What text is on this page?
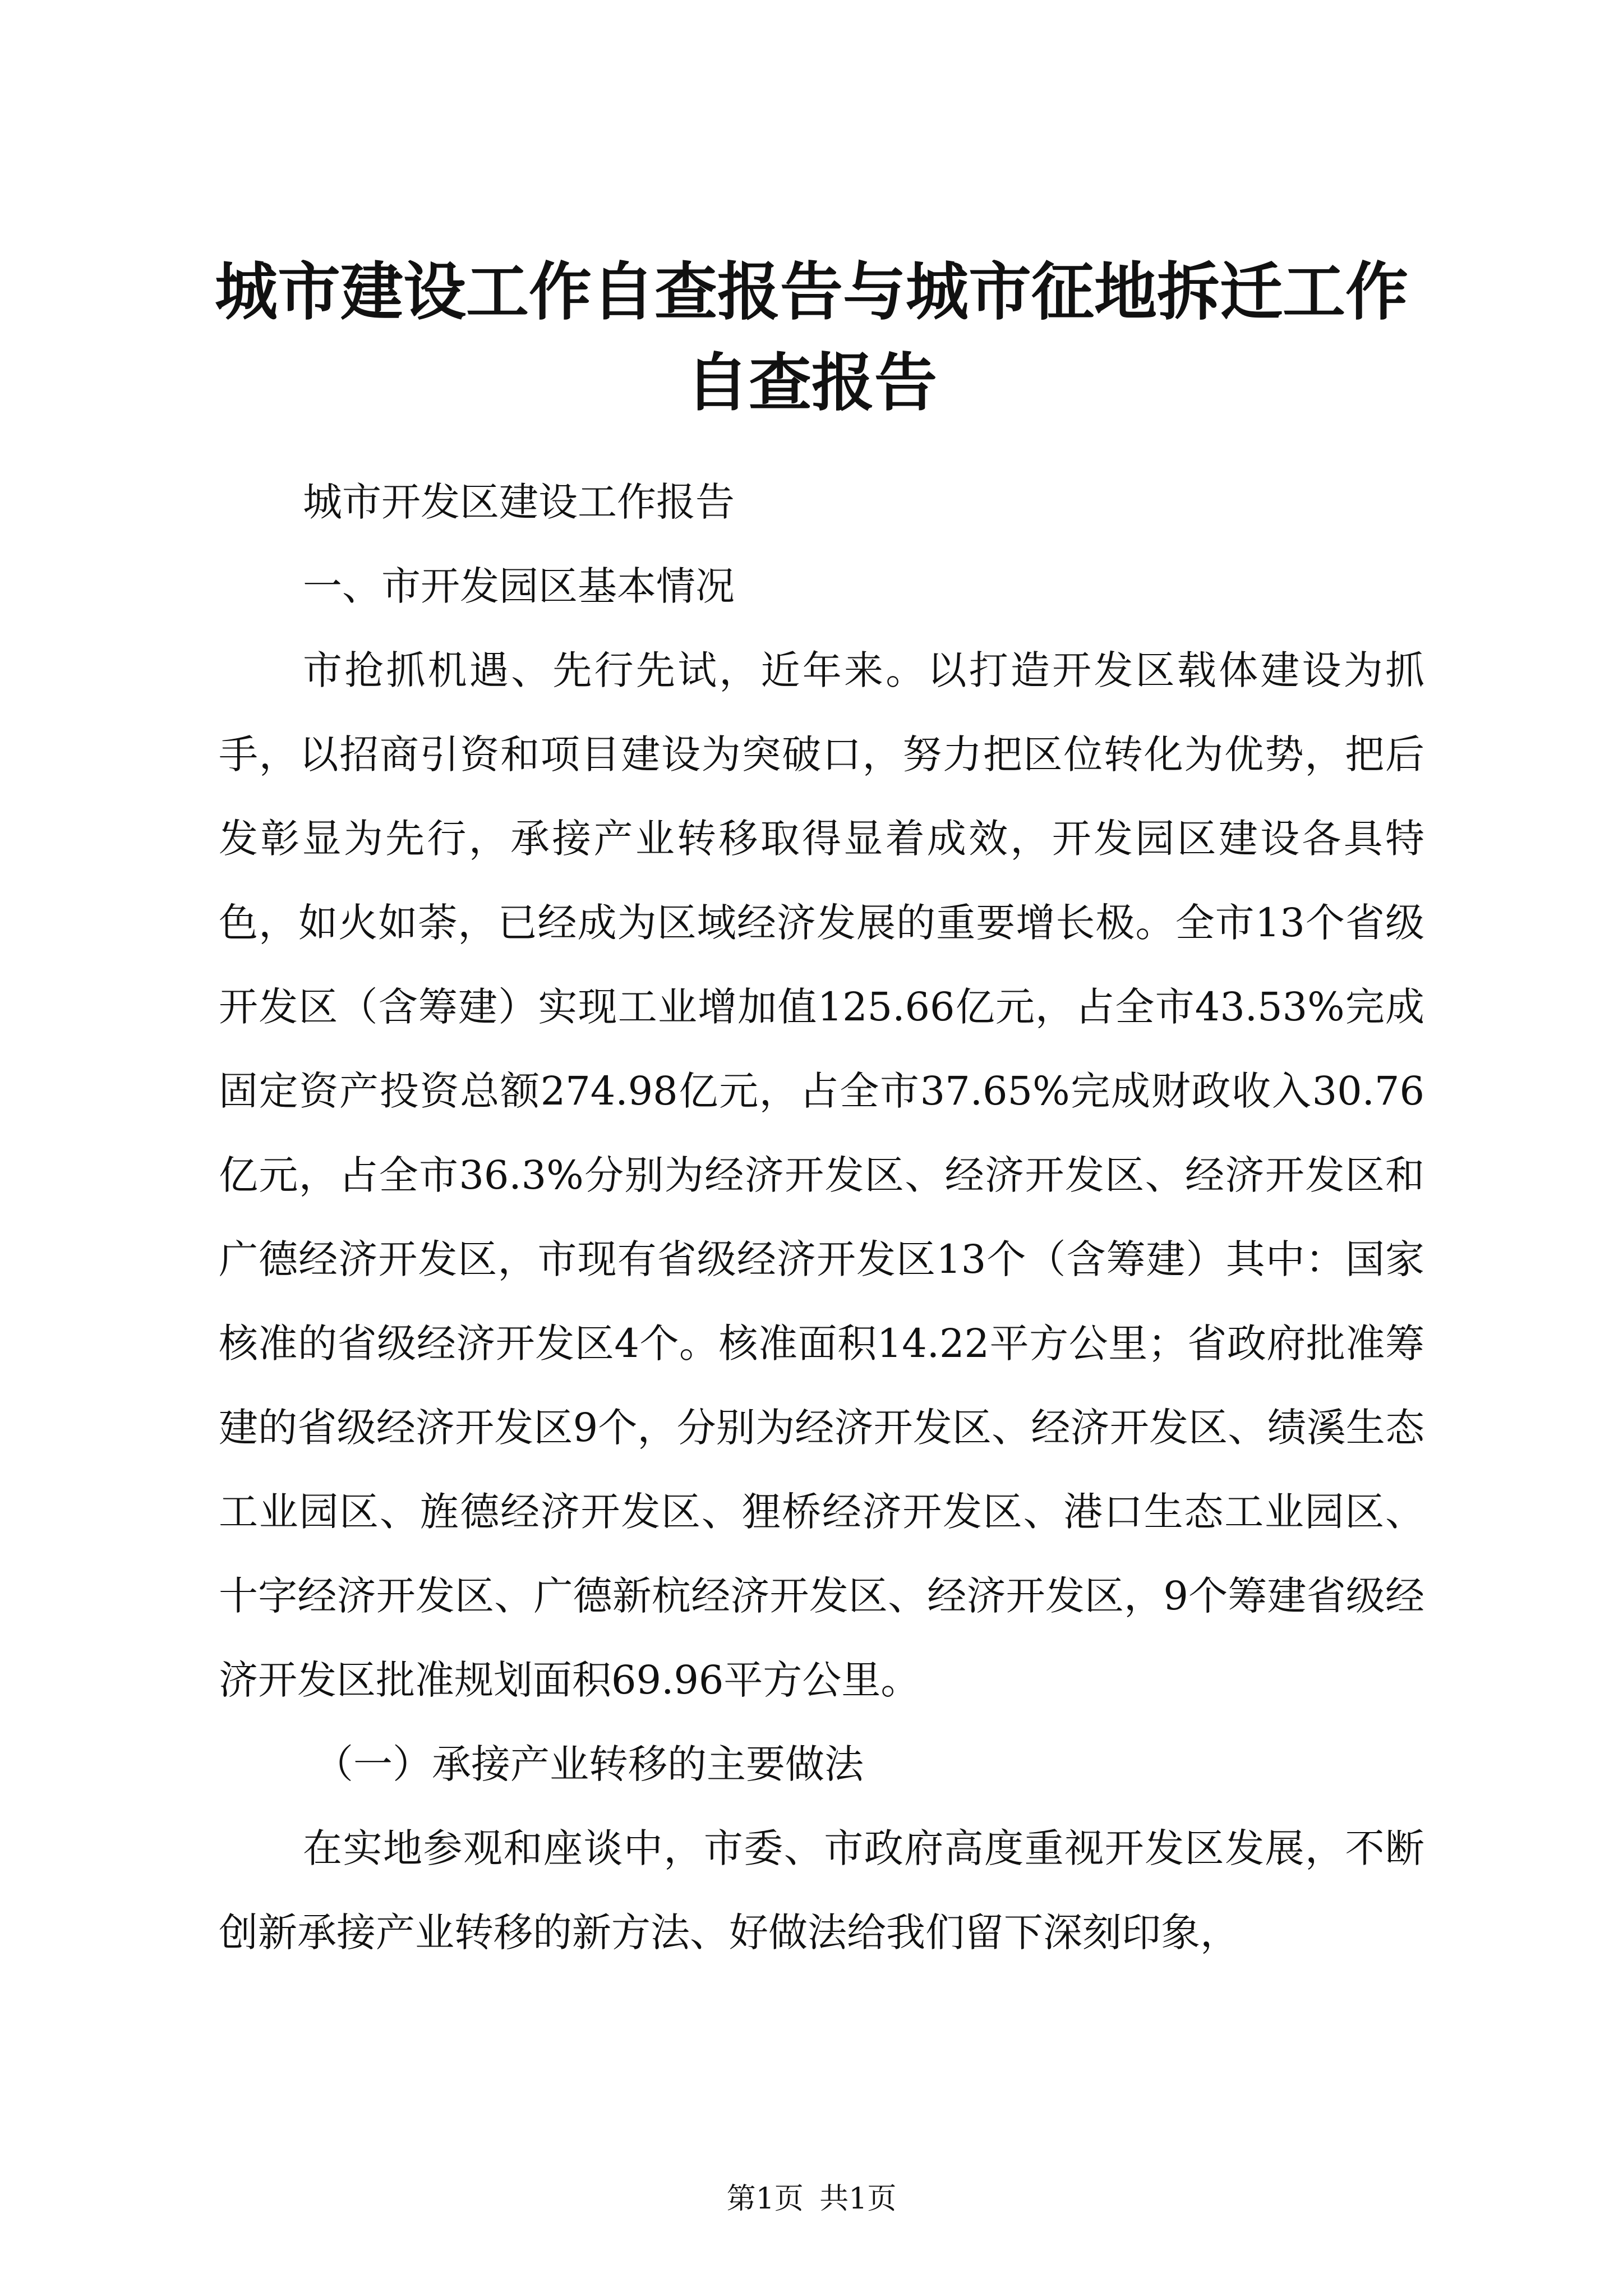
城市建设工作自查报告与城市征地拆迁工作自查报告

城市开发区建设工作报告

一、市开发园区基本情况

市抢抓机遇、先行先试，近年来。以打造开发区载体建设为抓手，以招商引资和项目建设为突破口，努力把区位转化为优势，把后发彰显为先行，承接产业转移取得显着成效，开发园区建设各具特色，如火如荼，已经成为区域经济发展的重要增长极。全市13个省级开发区（含筹建）实现工业增加值125.66亿元，占全市43.53%完成固定资产投资总额274.98亿元，占全市37.65%完成财政收入30.76亿元，占全市36.3%分别为经济开发区、经济开发区、经济开发区和广德经济开发区，市现有省级经济开发区13个（含筹建）其中：国家核准的省级经济开发区4个。核准面积14.22平方公里；省政府批准筹建的省级经济开发区9个，分别为经济开发区、经济开发区、绩溪生态工业园区、旌德经济开发区、狸桥经济开发区、港口生态工业园区、十字经济开发区、广德新杭经济开发区、经济开发区，9个筹建省级经济开发区批准规划面积69.96平方公里。

（一）承接产业转移的主要做法

在实地参观和座谈中，市委、市政府高度重视开发区发展，不断创新承接产业转移的新方法、好做法给我们留下深刻印象，

第1页 共1页
